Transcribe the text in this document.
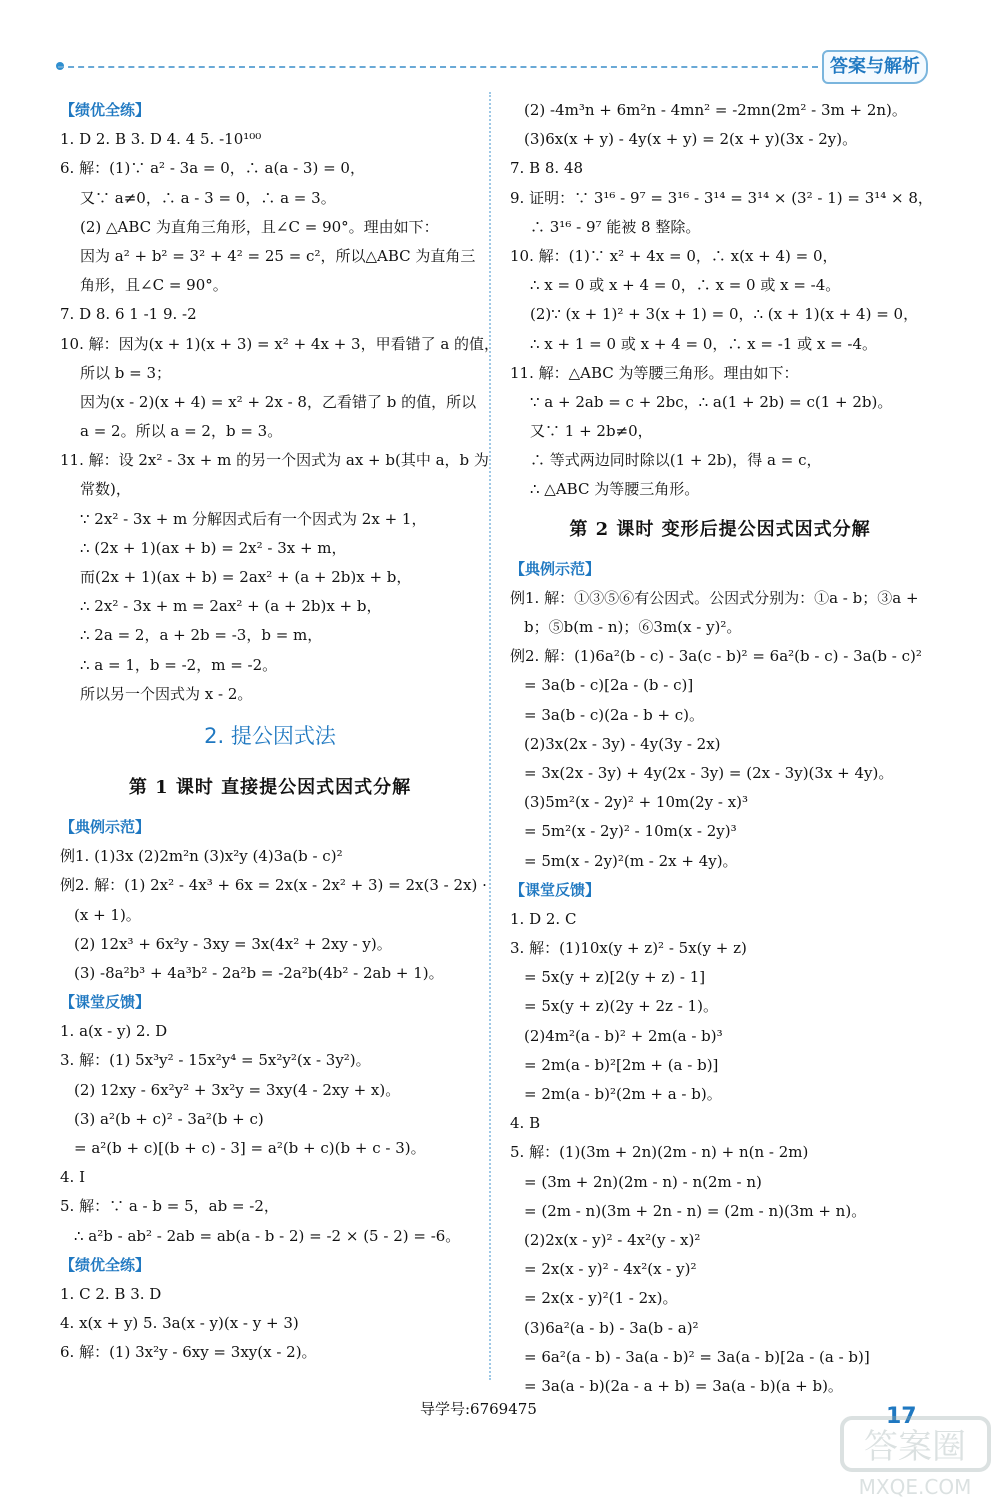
答案与解析
【绩优全练】
1. D 2. B 3. D 4. 4 5. -10¹⁰⁰
6. 解：(1)∵ a² - 3a = 0，∴ a(a - 3) = 0，
又∵ a≠0，∴ a - 3 = 0，∴ a = 3。
(2) △ABC 为直角三角形，且∠C = 90°。理由如下：
因为 a² + b² = 3² + 4² = 25 = c²，所以△ABC 为直角三
角形，且∠C = 90°。
7. D 8. 6 1 -1 9. -2
10. 解：因为(x + 1)(x + 3) = x² + 4x + 3，甲看错了 a 的值，
所以 b = 3；
因为(x - 2)(x + 4) = x² + 2x - 8，乙看错了 b 的值，所以
a = 2。所以 a = 2，b = 3。
11. 解：设 2x² - 3x + m 的另一个因式为 ax + b(其中 a，b 为
常数)，
∵ 2x² - 3x + m 分解因式后有一个因式为 2x + 1，
∴ (2x + 1)(ax + b) = 2x² - 3x + m，
而(2x + 1)(ax + b) = 2ax² + (a + 2b)x + b，
∴ 2x² - 3x + m = 2ax² + (a + 2b)x + b，
∴ 2a = 2，a + 2b = -3，b = m，
∴ a = 1，b = -2，m = -2。
所以另一个因式为 x - 2。
2. 提公因式法
第 1 课时 直接提公因式因式分解
【典例示范】
例1. (1)3x (2)2m²n (3)x²y (4)3a(b - c)²
例2. 解：(1) 2x² - 4x³ + 6x = 2x(x - 2x² + 3) = 2x(3 - 2x) ·
(x + 1)。
(2) 12x³ + 6x²y - 3xy = 3x(4x² + 2xy - y)。
(3) -8a²b³ + 4a³b² - 2a²b = -2a²b(4b² - 2ab + 1)。
【课堂反馈】
1. a(x - y) 2. D
3. 解：(1) 5x³y² - 15x²y⁴ = 5x²y²(x - 3y²)。
(2) 12xy - 6x²y² + 3x²y = 3xy(4 - 2xy + x)。
(3) a²(b + c)² - 3a²(b + c)
= a²(b + c)[(b + c) - 3] = a²(b + c)(b + c - 3)。
4. I
5. 解：∵ a - b = 5，ab = -2，
∴ a²b - ab² - 2ab = ab(a - b - 2) = -2 × (5 - 2) = -6。
【绩优全练】
1. C 2. B 3. D
4. x(x + y) 5. 3a(x - y)(x - y + 3)
6. 解：(1) 3x²y - 6xy = 3xy(x - 2)。
(2) -4m³n + 6m²n - 4mn² = -2mn(2m² - 3m + 2n)。
(3)6x(x + y) - 4y(x + y) = 2(x + y)(3x - 2y)。
7. B 8. 48
9. 证明：∵ 3¹⁶ - 9⁷ = 3¹⁶ - 3¹⁴ = 3¹⁴ × (3² - 1) = 3¹⁴ × 8，
∴ 3¹⁶ - 9⁷ 能被 8 整除。
10. 解：(1)∵ x² + 4x = 0，∴ x(x + 4) = 0，
∴ x = 0 或 x + 4 = 0，∴ x = 0 或 x = -4。
(2)∵ (x + 1)² + 3(x + 1) = 0，∴ (x + 1)(x + 4) = 0，
∴ x + 1 = 0 或 x + 4 = 0，∴ x = -1 或 x = -4。
11. 解：△ABC 为等腰三角形。理由如下：
∵ a + 2ab = c + 2bc，∴ a(1 + 2b) = c(1 + 2b)。
又∵ 1 + 2b≠0，
∴ 等式两边同时除以(1 + 2b)，得 a = c，
∴ △ABC 为等腰三角形。
第 2 课时 变形后提公因式因式分解
【典例示范】
例1. 解：①③⑤⑥有公因式。公因式分别为：①a - b；③a +
b；⑤b(m - n)；⑥3m(x - y)²。
例2. 解：(1)6a²(b - c) - 3a(c - b)² = 6a²(b - c) - 3a(b - c)²
= 3a(b - c)[2a - (b - c)]
= 3a(b - c)(2a - b + c)。
(2)3x(2x - 3y) - 4y(3y - 2x)
= 3x(2x - 3y) + 4y(2x - 3y) = (2x - 3y)(3x + 4y)。
(3)5m²(x - 2y)² + 10m(2y - x)³
= 5m²(x - 2y)² - 10m(x - 2y)³
= 5m(x - 2y)²(m - 2x + 4y)。
【课堂反馈】
1. D 2. C
3. 解：(1)10x(y + z)² - 5x(y + z)
= 5x(y + z)[2(y + z) - 1]
= 5x(y + z)(2y + 2z - 1)。
(2)4m²(a - b)² + 2m(a - b)³
= 2m(a - b)²[2m + (a - b)]
= 2m(a - b)²(2m + a - b)。
4. B
5. 解：(1)(3m + 2n)(2m - n) + n(n - 2m)
= (3m + 2n)(2m - n) - n(2m - n)
= (2m - n)(3m + 2n - n) = (2m - n)(3m + n)。
(2)2x(x - y)² - 4x²(y - x)²
= 2x(x - y)² - 4x²(x - y)²
= 2x(x - y)²(1 - 2x)。
(3)6a²(a - b) - 3a(b - a)²
= 6a²(a - b) - 3a(a - b)² = 3a(a - b)[2a - (a - b)]
= 3a(a - b)(2a - a + b) = 3a(a - b)(a + b)。
导学号:6769475	17
答案圈
MXQE.COM
